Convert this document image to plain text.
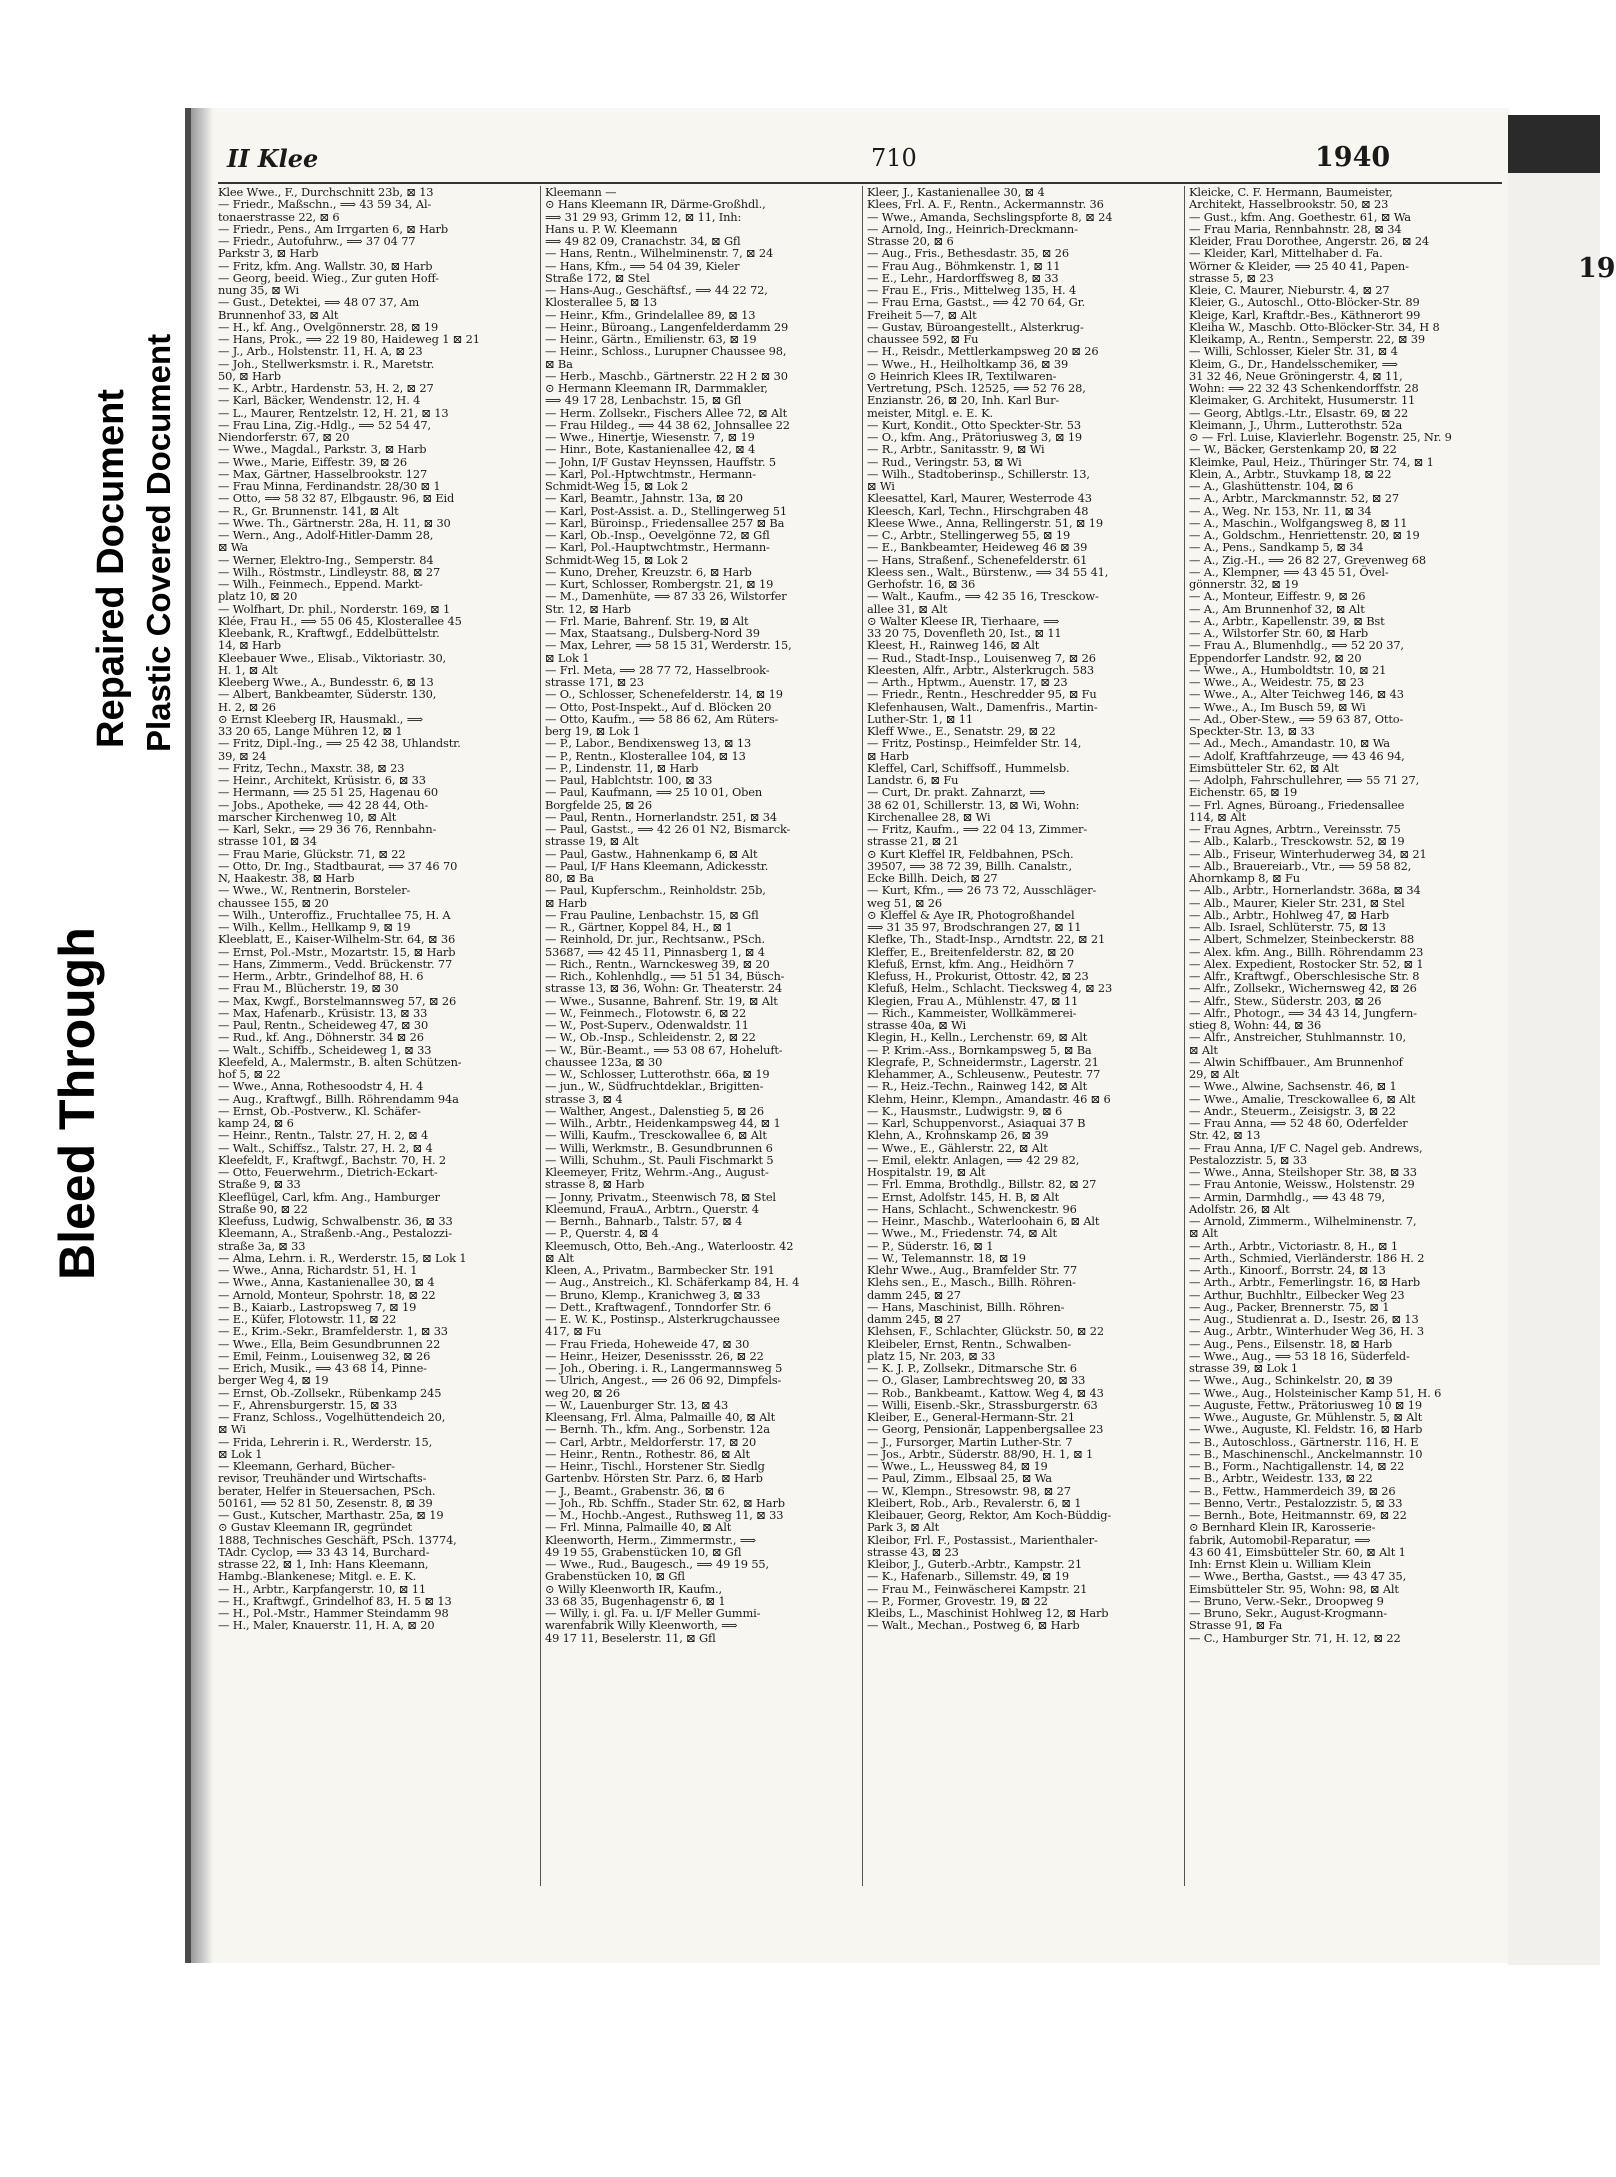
Bleed Through
Repaired Document Plastic Covered Document
19
II Klee	710	1940
Klee Wwe., F., Durchschnitt 23b, ⊠ 13
— Friedr., Maßschn., ⟹ 43 59 34, Al-
tonaerstrasse 22, ⊠ 6
— Friedr., Pens., Am Irrgarten 6, ⊠ Harb
— Friedr., Autofuhrw., ⟹ 37 04 77
Parkstr 3, ⊠ Harb
— Fritz, kfm. Ang. Wallstr. 30, ⊠ Harb
— Georg, beeid. Wieg., Zur guten Hoff-
nung 35, ⊠ Wi
— Gust., Detektei, ⟹ 48 07 37, Am
Brunnenhof 33, ⊠ Alt
— H., kf. Ang., Ovelgönnerstr. 28, ⊠ 19
— Hans, Prok., ⟹ 22 19 80, Haideweg 1 ⊠ 21
— J., Arb., Holstenstr. 11, H. A, ⊠ 23
— Joh., Stellwerksmstr. i. R., Maretstr.
50, ⊠ Harb
— K., Arbtr., Hardenstr. 53, H. 2, ⊠ 27
— Karl, Bäcker, Wendenstr. 12, H. 4
— L., Maurer, Rentzelstr. 12, H. 21, ⊠ 13
— Frau Lina, Zig.-Hdlg., ⟹ 52 54 47,
Niendorferstr. 67, ⊠ 20
— Wwe., Magdal., Parkstr. 3, ⊠ Harb
— Wwe., Marie, Eiffestr. 39, ⊠ 26
— Max, Gärtner, Hasselbrookstr. 127
— Frau Minna, Ferdinandstr. 28/30 ⊠ 1
— Otto, ⟹ 58 32 87, Elbgaustr. 96, ⊠ Eid
— R., Gr. Brunnenstr. 141, ⊠ Alt
— Wwe. Th., Gärtnerstr. 28a, H. 11, ⊠ 30
— Wern., Ang., Adolf-Hitler-Damm 28,
⊠ Wa
— Werner, Elektro-Ing., Semperstr. 84
— Wilh., Röstmstr., Lindleystr. 88, ⊠ 27
— Wilh., Feinmech., Eppend. Markt-
platz 10, ⊠ 20
— Wolfhart, Dr. phil., Norderstr. 169, ⊠ 1
Klée, Frau H., ⟹ 55 06 45, Klosterallee 45
Kleebank, R., Kraftwgf., Eddelbüttelstr.
14, ⊠ Harb
Kleebauer Wwe., Elisab., Viktoriastr. 30,
H. 1, ⊠ Alt
Kleeberg Wwe., A., Bundesstr. 6, ⊠ 13
— Albert, Bankbeamter, Süderstr. 130,
H. 2, ⊠ 26
⊙ Ernst Kleeberg IR, Hausmakl., ⟹
33 20 65, Lange Mühren 12, ⊠ 1
— Fritz, Dipl.-Ing., ⟹ 25 42 38, Uhlandstr.
39, ⊠ 24
— Fritz, Techn., Maxstr. 38, ⊠ 23
— Heinr., Architekt, Krüsistr. 6, ⊠ 33
— Hermann, ⟹ 25 51 25, Hagenau 60
— Jobs., Apotheke, ⟹ 42 28 44, Oth-
marscher Kirchenweg 10, ⊠ Alt
— Karl, Sekr., ⟹ 29 36 76, Rennbahn-
strasse 101, ⊠ 34
— Frau Marie, Glückstr. 71, ⊠ 22
— Otto, Dr. Ing., Stadtbaurat, ⟹ 37 46 70
N, Haakestr. 38, ⊠ Harb
— Wwe., W., Rentnerin, Borsteler-
chaussee 155, ⊠ 20
— Wilh., Unteroffiz., Fruchtallee 75, H. A
— Wilh., Kellm., Hellkamp 9, ⊠ 19
Kleeblatt, E., Kaiser-Wilhelm-Str. 64, ⊠ 36
— Ernst, Pol.-Mstr., Mozartstr. 15, ⊠ Harb
— Hans, Zimmerm., Vedd. Brückenstr. 77
— Herm., Arbtr., Grindelhof 88, H. 6
— Frau M., Blücherstr. 19, ⊠ 30
— Max, Kwgf., Borstelmannsweg 57, ⊠ 26
— Max, Hafenarb., Krüsistr. 13, ⊠ 33
— Paul, Rentn., Scheideweg 47, ⊠ 30
— Rud., kf. Ang., Döhnerstr. 34 ⊠ 26
— Walt., Schiffb., Scheideweg 1, ⊠ 33
Kleefeld, A., Malermstr., B. alten Schützen-
hof 5, ⊠ 22
— Wwe., Anna, Rothesoodstr 4, H. 4
— Aug., Kraftwgf., Billh. Röhrendamm 94a
— Ernst, Ob.-Postverw., Kl. Schäfer-
kamp 24, ⊠ 6
— Heinr., Rentn., Talstr. 27, H. 2, ⊠ 4
— Walt., Schiffsz., Talstr. 27, H. 2, ⊠ 4
Kleefeldt, F., Kraftwgf., Bachstr. 70, H. 2
— Otto, Feuerwehrm., Dietrich-Eckart-
Straße 9, ⊠ 33
Kleeflügel, Carl, kfm. Ang., Hamburger
Straße 90, ⊠ 22
Kleefuss, Ludwig, Schwalbenstr. 36, ⊠ 33
Kleemann, A., Straßenb.-Ang., Pestalozzi-
straße 3a, ⊠ 33
— Alma, Lehrn. i. R., Werderstr. 15, ⊠ Lok 1
— Wwe., Anna, Richardstr. 51, H. 1
— Wwe., Anna, Kastanienallee 30, ⊠ 4
— Arnold, Monteur, Spohrstr. 18, ⊠ 22
— B., Kaiarb., Lastropsweg 7, ⊠ 19
— E., Küfer, Flotowstr. 11, ⊠ 22
— E., Krim.-Sekr., Bramfelderstr. 1, ⊠ 33
— Wwe., Ella, Beim Gesundbrunnen 22
— Emil, Feinm., Louisenweg 32, ⊠ 26
— Erich, Musik., ⟹ 43 68 14, Pinne-
berger Weg 4, ⊠ 19
— Ernst, Ob.-Zollsekr., Rübenkamp 245
— F., Ahrensburgerstr. 15, ⊠ 33
— Franz, Schloss., Vogelhüttendeich 20,
⊠ Wi
— Frida, Lehrerin i. R., Werderstr. 15,
⊠ Lok 1
— Kleemann, Gerhard, Bücher-
revisor, Treuhänder und Wirtschafts-
berater, Helfer in Steuersachen, PSch.
50161, ⟹ 52 81 50, Zesenstr. 8, ⊠ 39
— Gust., Kutscher, Marthastr. 25a, ⊠ 19
⊙ Gustav Kleemann IR, gegründet
1888, Technisches Geschäft, PSch. 13774,
TAdr. Cyclop, ⟹ 33 43 14, Burchard-
strasse 22, ⊠ 1, Inh: Hans Kleemann,
Hambg.-Blankenese; Mitgl. e. E. K.
— H., Arbtr., Karpfangerstr. 10, ⊠ 11
— H., Kraftwgf., Grindelhof 83, H. 5 ⊠ 13
— H., Pol.-Mstr., Hammer Steindamm 98
— H., Maler, Knauerstr. 11, H. A, ⊠ 20
Kleemann —
⊙ Hans Kleemann IR, Därme-Großhdl.,
⟹ 31 29 93, Grimm 12, ⊠ 11, Inh:
Hans u. P. W. Kleemann
⟹ 49 82 09, Cranachstr. 34, ⊠ Gfl
— Hans, Rentn., Wilhelminenstr. 7, ⊠ 24
— Hans, Kfm., ⟹ 54 04 39, Kieler
Straße 172, ⊠ Stel
— Hans-Aug., Geschäftsf., ⟹ 44 22 72,
Klosterallee 5, ⊠ 13
— Heinr., Kfm., Grindelallee 89, ⊠ 13
— Heinr., Büroang., Langenfelderdamm 29
— Heinr., Gärtn., Emilienstr. 63, ⊠ 19
— Heinr., Schloss., Lurupner Chaussee 98,
⊠ Ba
— Herb., Maschb., Gärtnerstr. 22 H 2 ⊠ 30
⊙ Hermann Kleemann IR, Darmmakler,
⟹ 49 17 28, Lenbachstr. 15, ⊠ Gfl
— Herm. Zollsekr., Fischers Allee 72, ⊠ Alt
— Frau Hildeg., ⟹ 44 38 62, Johnsallee 22
— Wwe., Hinertje, Wiesenstr. 7, ⊠ 19
— Hinr., Bote, Kastanienallee 42, ⊠ 4
— John, I/F Gustav Heynssen, Hauffstr. 5
— Karl, Pol.-Hptwchtmstr., Hermann-
Schmidt-Weg 15, ⊠ Lok 2
— Karl, Beamtr., Jahnstr. 13a, ⊠ 20
— Karl, Post-Assist. a. D., Stellingerweg 51
— Karl, Büroinsp., Friedensallee 257 ⊠ Ba
— Karl, Ob.-Insp., Oevelgönne 72, ⊠ Gfl
— Karl, Pol.-Hauptwchtmstr., Hermann-
Schmidt-Weg 15, ⊠ Lok 2
— Kuno, Dreher, Kreuzstr. 6, ⊠ Harb
— Kurt, Schlosser, Rombergstr. 21, ⊠ 19
— M., Damenhüte, ⟹ 87 33 26, Wilstorfer
Str. 12, ⊠ Harb
— Frl. Marie, Bahrenf. Str. 19, ⊠ Alt
— Max, Staatsang., Dulsberg-Nord 39
— Max, Lehrer, ⟹ 58 15 31, Werderstr. 15,
⊠ Lok 1
— Frl. Meta, ⟹ 28 77 72, Hasselbrook-
strasse 171, ⊠ 23
— O., Schlosser, Schenefelderstr. 14, ⊠ 19
— Otto, Post-Inspekt., Auf d. Blöcken 20
— Otto, Kaufm., ⟹ 58 86 62, Am Rüters-
berg 19, ⊠ Lok 1
— P., Labor., Bendixensweg 13, ⊠ 13
— P., Rentn., Klosterallee 104, ⊠ 13
— P., Lindenstr. 11, ⊠ Harb
— Paul, Hablchtstr. 100, ⊠ 33
— Paul, Kaufmann, ⟹ 25 10 01, Oben
Borgfelde 25, ⊠ 26
— Paul, Rentn., Hornerlandstr. 251, ⊠ 34
— Paul, Gastst., ⟹ 42 26 01 N2, Bismarck-
strasse 19, ⊠ Alt
— Paul, Gastw., Hahnenkamp 6, ⊠ Alt
— Paul, I/F Hans Kleemann, Adickesstr.
80, ⊠ Ba
— Paul, Kupferschm., Reinholdstr. 25b,
⊠ Harb
— Frau Pauline, Lenbachstr. 15, ⊠ Gfl
— R., Gärtner, Koppel 84, H., ⊠ 1
— Reinhold, Dr. jur., Rechtsanw., PSch.
53687, ⟹ 42 45 11, Pinnasberg 1, ⊠ 4
— Rich., Rentn., Warnckesweg 39, ⊠ 20
— Rich., Kohlenhdlg., ⟹ 51 51 34, Büsch-
strasse 13, ⊠ 36, Wohn: Gr. Theaterstr. 24
— Wwe., Susanne, Bahrenf. Str. 19, ⊠ Alt
— W., Feinmech., Flotowstr. 6, ⊠ 22
— W., Post-Superv., Odenwaldstr. 11
— W., Ob.-Insp., Schleidenstr. 2, ⊠ 22
— W., Bür.-Beamt., ⟹ 53 08 67, Hoheluft-
chaussee 123a, ⊠ 30
— W., Schlosser, Lutterothstr. 66a, ⊠ 19
— jun., W., Südfruchtdeklar., Brigitten-
strasse 3, ⊠ 4
— Walther, Angest., Dalenstieg 5, ⊠ 26
— Wilh., Arbtr., Heidenkampsweg 44, ⊠ 1
— Willi, Kaufm., Tresckowallee 6, ⊠ Alt
— Willi, Werkmstr., B. Gesundbrunnen 6
— Willi, Schuhm., St. Pauli Fischmarkt 5
Kleemeyer, Fritz, Wehrm.-Ang., August-
strasse 8, ⊠ Harb
— Jonny, Privatm., Steenwisch 78, ⊠ Stel
Kleemund, FrauA., Arbtrn., Querstr. 4
— Bernh., Bahnarb., Talstr. 57, ⊠ 4
— P., Querstr. 4, ⊠ 4
Kleemusch, Otto, Beh.-Ang., Waterloostr. 42
⊠ Alt
Kleen, A., Privatm., Barmbecker Str. 191
— Aug., Anstreich., Kl. Schäferkamp 84, H. 4
— Bruno, Klemp., Kranichweg 3, ⊠ 33
— Dett., Kraftwagenf., Tonndorfer Str. 6
— E. W. K., Postinsp., Alsterkrugchaussee
417, ⊠ Fu
— Frau Frieda, Hoheweide 47, ⊠ 30
— Heinr., Heizer, Desenissstr. 26, ⊠ 22
— Joh., Obering. i. R., Langermannsweg 5
— Ulrich, Angest., ⟹ 26 06 92, Dimpfels-
weg 20, ⊠ 26
— W., Lauenburger Str. 13, ⊠ 43
Kleensang, Frl. Alma, Palmaille 40, ⊠ Alt
— Bernh. Th., kfm. Ang., Sorbenstr. 12a
— Carl, Arbtr., Meldorferstr. 17, ⊠ 20
— Heinr., Rentn., Rothestr. 86, ⊠ Alt
— Heinr., Tischl., Horstener Str. Siedlg
Gartenbv. Hörsten Str. Parz. 6, ⊠ Harb
— J., Beamt., Grabenstr. 36, ⊠ 6
— Joh., Rb. Schffn., Stader Str. 62, ⊠ Harb
— M., Hochb.-Angest., Ruthsweg 11, ⊠ 33
— Frl. Minna, Palmaille 40, ⊠ Alt
Kleenworth, Herm., Zimmermstr., ⟹
49 19 55, Grabenstücken 10, ⊠ Gfl
— Wwe., Rud., Baugesch., ⟹ 49 19 55,
Grabenstücken 10, ⊠ Gfl
⊙ Willy Kleenworth IR, Kaufm.,
33 68 35, Bugenhagenstr 6, ⊠ 1
— Willy, i. gl. Fa. u. I/F Meller Gummi-
warenfabrik Willy Kleenworth, ⟹
49 17 11, Beselerstr. 11, ⊠ Gfl
Kleer, J., Kastanienallee 30, ⊠ 4
Klees, Frl. A. F., Rentn., Ackermannstr. 36
— Wwe., Amanda, Sechslingspforte 8, ⊠ 24
— Arnold, Ing., Heinrich-Dreckmann-
Strasse 20, ⊠ 6
— Aug., Fris., Bethesdastr. 35, ⊠ 26
— Frau Aug., Böhmkenstr. 1, ⊠ 11
— E., Lehr., Hardorffsweg 8, ⊠ 33
— Frau E., Fris., Mittelweg 135, H. 4
— Frau Erna, Gastst., ⟹ 42 70 64, Gr.
Freiheit 5—7, ⊠ Alt
— Gustav, Büroangestellt., Alsterkrug-
chaussee 592, ⊠ Fu
— H., Reisdr., Mettlerkampsweg 20 ⊠ 26
— Wwe., H., Heilholtkamp 36, ⊠ 39
⊙ Heinrich Klees IR, Textilwaren-
Vertretung, PSch. 12525, ⟹ 52 76 28,
Enzianstr. 26, ⊠ 20, Inh. Karl Bur-
meister, Mitgl. e. E. K.
— Kurt, Kondit., Otto Speckter-Str. 53
— O., kfm. Ang., Prätoriusweg 3, ⊠ 19
— R., Arbtr., Sanitasstr. 9, ⊠ Wi
— Rud., Veringstr. 53, ⊠ Wi
— Wilh., Stadtoberinsp., Schillerstr. 13,
⊠ Wi
Kleesattel, Karl, Maurer, Westerrode 43
Kleesch, Karl, Techn., Hirschgraben 48
Kleese Wwe., Anna, Rellingerstr. 51, ⊠ 19
— C., Arbtr., Stellingerweg 55, ⊠ 19
— E., Bankbeamter, Heideweg 46 ⊠ 39
— Hans, Straßenf., Schenefelderstr. 61
Kleess sen., Walt., Bürstenw., ⟹ 34 55 41,
Gerhofstr. 16, ⊠ 36
— Walt., Kaufm., ⟹ 42 35 16, Tresckow-
allee 31, ⊠ Alt
⊙ Walter Kleese IR, Tierhaare, ⟹
33 20 75, Dovenfleth 20, Ist., ⊠ 11
Kleest, H., Rainweg 146, ⊠ Alt
— Rud., Stadt-Insp., Louisenweg 7, ⊠ 26
Kleesten, Alfr., Arbtr., Alsterkrugch. 583
— Arth., Hptwm., Auenstr. 17, ⊠ 23
— Friedr., Rentn., Heschredder 95, ⊠ Fu
Klefenhausen, Walt., Damenfris., Martin-
Luther-Str. 1, ⊠ 11
Kleff Wwe., E., Senatstr. 29, ⊠ 22
— Fritz, Postinsp., Heimfelder Str. 14,
⊠ Harb
Kleffel, Carl, Schiffsoff., Hummelsb.
Landstr. 6, ⊠ Fu
— Curt, Dr. prakt. Zahnarzt, ⟹
38 62 01, Schillerstr. 13, ⊠ Wi, Wohn:
Kirchenallee 28, ⊠ Wi
— Fritz, Kaufm., ⟹ 22 04 13, Zimmer-
strasse 21, ⊠ 21
⊙ Kurt Kleffel IR, Feldbahnen, PSch.
39507, ⟹ 38 72 39, Billh. Canalstr.,
Ecke Billh. Deich, ⊠ 27
— Kurt, Kfm., ⟹ 26 73 72, Ausschläger-
weg 51, ⊠ 26
⊙ Kleffel & Aye IR, Photogroßhandel
⟹ 31 35 97, Brodschrangen 27, ⊠ 11
Klefke, Th., Stadt-Insp., Arndtstr. 22, ⊠ 21
Kleffer, E., Breitenfelderstr. 82, ⊠ 20
Klefuß, Ernst, kfm. Ang., Heidhörn 7
Klefuss, H., Prokurist, Ottostr. 42, ⊠ 23
Klefuß, Helm., Schlacht. Tiecksweg 4, ⊠ 23
Klegien, Frau A., Mühlenstr. 47, ⊠ 11
— Rich., Kammeister, Wollkämmerei-
strasse 40a, ⊠ Wi
Klegin, H., Kelln., Lerchenstr. 69, ⊠ Alt
— P. Krim.-Ass., Bornkampsweg 5, ⊠ Ba
Klegrafe, P., Schneidermstr., Lagerstr. 21
Klehammer, A., Schleusenw., Peutestr. 77
— R., Heiz.-Techn., Rainweg 142, ⊠ Alt
Klehm, Heinr., Klempn., Amandastr. 46 ⊠ 6
— K., Hausmstr., Ludwigstr. 9, ⊠ 6
— Karl, Schuppenvorst., Asiaquai 37 B
Klehn, A., Krohnskamp 26, ⊠ 39
— Wwe., E., Gählerstr. 22, ⊠ Alt
— Emil, elektr. Anlagen, ⟹ 42 29 82,
Hospitalstr. 19, ⊠ Alt
— Frl. Emma, Brothdlg., Billstr. 82, ⊠ 27
— Ernst, Adolfstr. 145, H. B, ⊠ Alt
— Hans, Schlacht., Schwenckestr. 96
— Heinr., Maschb., Waterloohain 6, ⊠ Alt
— Wwe., M., Friedenstr. 74, ⊠ Alt
— P., Süderstr. 16, ⊠ 1
— W., Telemannstr. 18, ⊠ 19
Klehr Wwe., Aug., Bramfelder Str. 77
Klehs sen., E., Masch., Billh. Röhren-
damm 245, ⊠ 27
— Hans, Maschinist, Billh. Röhren-
damm 245, ⊠ 27
Klehsen, F., Schlachter, Glückstr. 50, ⊠ 22
Kleibeler, Ernst, Rentn., Schwalben-
platz 15, Nr. 203, ⊠ 33
— K. J. P., Zollsekr., Ditmarsche Str. 6
— O., Glaser, Lambrechtsweg 20, ⊠ 33
— Rob., Bankbeamt., Kattow. Weg 4, ⊠ 43
— Willi, Eisenb.-Skr., Strassburgerstr. 63
Kleiber, E., General-Hermann-Str. 21
— Georg, Pensionär, Lappenbergsallee 23
— J., Fursorger, Martin Luther-Str. 7
— Jos., Arbtr., Süderstr. 88/90, H. 1, ⊠ 1
— Wwe., L., Heussweg 84, ⊠ 19
— Paul, Zimm., Elbsaal 25, ⊠ Wa
— W., Klempn., Stresowstr. 98, ⊠ 27
Kleibert, Rob., Arb., Revalerstr. 6, ⊠ 1
Kleibauer, Georg, Rektor, Am Koch-Büddig-
Park 3, ⊠ Alt
Kleibor, Frl. F., Postassist., Marienthaler-
strasse 43, ⊠ 23
Kleibor, J., Guterb.-Arbtr., Kampstr. 21
— K., Hafenarb., Sillemstr. 49, ⊠ 19
— Frau M., Feinwäscherei Kampstr. 21
— P., Former, Grovestr. 19, ⊠ 22
Kleibs, L., Maschinist Hohlweg 12, ⊠ Harb
— Walt., Mechan., Postweg 6, ⊠ Harb
Kleicke, C. F. Hermann, Baumeister,
Architekt, Hasselbrookstr. 50, ⊠ 23
— Gust., kfm. Ang. Goethestr. 61, ⊠ Wa
— Frau Maria, Rennbahnstr. 28, ⊠ 34
Kleider, Frau Dorothee, Angerstr. 26, ⊠ 24
— Kleider, Karl, Mittelhaber d. Fa.
Wörner & Kleider, ⟹ 25 40 41, Papen-
strasse 5, ⊠ 23
Kleie, C. Maurer, Nieburstr. 4, ⊠ 27
Kleier, G., Autoschl., Otto-Blöcker-Str. 89
Kleige, Karl, Kraftdr.-Bes., Käthnerort 99
Kleiha W., Maschb. Otto-Blöcker-Str. 34, H 8
Kleikamp, A., Rentn., Semperstr. 22, ⊠ 39
— Willi, Schlosser, Kieler Str. 31, ⊠ 4
Kleim, G., Dr., Handelsschemiker, ⟹
31 32 46, Neue Gröningerstr. 4, ⊠ 11,
Wohn: ⟹ 22 32 43 Schenkendorffstr. 28
Kleimaker, G. Architekt, Husumerstr. 11
— Georg, Abtlgs.-Ltr., Elsastr. 69, ⊠ 22
Kleimann, J., Uhrm., Lutterothstr. 52a
⊙ — Frl. Luise, Klavierlehr. Bogenstr. 25, Nr. 9
— W., Bäcker, Gerstenkamp 20, ⊠ 22
Kleimke, Paul, Heiz., Thüringer Str. 74, ⊠ 1
Klein, A., Arbtr., Stuvkamp 18, ⊠ 22
— A., Glashüttenstr. 104, ⊠ 6
— A., Arbtr., Marckmannstr. 52, ⊠ 27
— A., Weg. Nr. 153, Nr. 11, ⊠ 34
— A., Maschin., Wolfgangsweg 8, ⊠ 11
— A., Goldschm., Henriettenstr. 20, ⊠ 19
— A., Pens., Sandkamp 5, ⊠ 34
— A., Zig.-H., ⟹ 26 82 27, Grevenweg 68
— A., Klempner, ⟹ 43 45 51, Övel-
gönnerstr. 32, ⊠ 19
— A., Monteur, Eiffestr. 9, ⊠ 26
— A., Am Brunnenhof 32, ⊠ Alt
— A., Arbtr., Kapellenstr. 39, ⊠ Bst
— A., Wilstorfer Str. 60, ⊠ Harb
— Frau A., Blumenhdlg., ⟹ 52 20 37,
Eppendorfer Landstr. 92, ⊠ 20
— Wwe., A., Humboldtstr. 10, ⊠ 21
— Wwe., A., Weidestr. 75, ⊠ 23
— Wwe., A., Alter Teichweg 146, ⊠ 43
— Wwe., A., Im Busch 59, ⊠ Wi
— Ad., Ober-Stew., ⟹ 59 63 87, Otto-
Speckter-Str. 13, ⊠ 33
— Ad., Mech., Amandastr. 10, ⊠ Wa
— Adolf, Kraftfahrzeuge, ⟹ 43 46 94,
Eimsbütteler Str. 62, ⊠ Alt
— Adolph, Fahrschullehrer, ⟹ 55 71 27,
Eichenstr. 65, ⊠ 19
— Frl. Agnes, Büroang., Friedensallee
114, ⊠ Alt
— Frau Agnes, Arbtrn., Vereinsstr. 75
— Alb., Kalarb., Tresckowstr. 52, ⊠ 19
— Alb., Friseur, Winterhuderweg 34, ⊠ 21
— Alb., Brauereiarb., Vtr., ⟹ 59 58 82,
Ahornkamp 8, ⊠ Fu
— Alb., Arbtr., Hornerlandstr. 368a, ⊠ 34
— Alb., Maurer, Kieler Str. 231, ⊠ Stel
— Alb., Arbtr., Hohlweg 47, ⊠ Harb
— Alb. Israel, Schlüterstr. 75, ⊠ 13
— Albert, Schmelzer, Steinbeckerstr. 88
— Alex. kfm. Ang., Billh. Röhrendamm 23
— Alex. Expedient, Rostocker Str. 52, ⊠ 1
— Alfr., Kraftwgf., Oberschlesische Str. 8
— Alfr., Zollsekr., Wichernsweg 42, ⊠ 26
— Alfr., Stew., Süderstr. 203, ⊠ 26
— Alfr., Photogr., ⟹ 34 43 14, Jungfern-
stieg 8, Wohn: 44, ⊠ 36
— Alfr., Anstreicher, Stuhlmannstr. 10,
⊠ Alt
— Alwin Schiffbauer., Am Brunnenhof
29, ⊠ Alt
— Wwe., Alwine, Sachsenstr. 46, ⊠ 1
— Wwe., Amalie, Tresckowallee 6, ⊠ Alt
— Andr., Steuerm., Zeisigstr. 3, ⊠ 22
— Frau Anna, ⟹ 52 48 60, Oderfelder
Str. 42, ⊠ 13
— Frau Anna, I/F C. Nagel geb. Andrews,
Pestalozzistr. 5, ⊠ 33
— Wwe., Anna, Steilshoper Str. 38, ⊠ 33
— Frau Antonie, Weissw., Holstenstr. 29
— Armin, Darmhdlg., ⟹ 43 48 79,
Adolfstr. 26, ⊠ Alt
— Arnold, Zimmerm., Wilhelminenstr. 7,
⊠ Alt
— Arth., Arbtr., Victoriastr. 8, H., ⊠ 1
— Arth., Schmied, Vierländerstr. 186 H. 2
— Arth., Kinoorf., Borrstr. 24, ⊠ 13
— Arth., Arbtr., Femerlingstr. 16, ⊠ Harb
— Arthur, Buchhltr., Eilbecker Weg 23
— Aug., Packer, Brennerstr. 75, ⊠ 1
— Aug., Studienrat a. D., Isestr. 26, ⊠ 13
— Aug., Arbtr., Winterhuder Weg 36, H. 3
— Aug., Pens., Eilsenstr. 18, ⊠ Harb
— Wwe., Aug., ⟹ 53 18 16, Süderfeld-
strasse 39, ⊠ Lok 1
— Wwe., Aug., Schinkelstr. 20, ⊠ 39
— Wwe., Aug., Holsteinischer Kamp 51, H. 6
— Auguste, Fettw., Prätoriusweg 10 ⊠ 19
— Wwe., Auguste, Gr. Mühlenstr. 5, ⊠ Alt
— Wwe., Auguste, Kl. Feldstr. 16, ⊠ Harb
— B., Autoschloss., Gärtnerstr. 116, H. E
— B., Maschinenschl., Anckelmannstr. 10
— B., Form., Nachtigallenstr. 14, ⊠ 22
— B., Arbtr., Weidestr. 133, ⊠ 22
— B., Fettw., Hammerdeich 39, ⊠ 26
— Benno, Vertr., Pestalozzistr. 5, ⊠ 33
— Bernh., Bote, Heitmannstr. 69, ⊠ 22
⊙ Bernhard Klein IR, Karosserie-
fabrik, Automobil-Reparatur, ⟹
43 60 41, Eimsbütteler Str. 60, ⊠ Alt 1
Inh: Ernst Klein u. William Klein
— Wwe., Bertha, Gastst., ⟹ 43 47 35,
Eimsbütteler Str. 95, Wohn: 98, ⊠ Alt
— Bruno, Verw.-Sekr., Droopweg 9
— Bruno, Sekr., August-Krogmann-
Strasse 91, ⊠ Fa
— C., Hamburger Str. 71, H. 12, ⊠ 22
